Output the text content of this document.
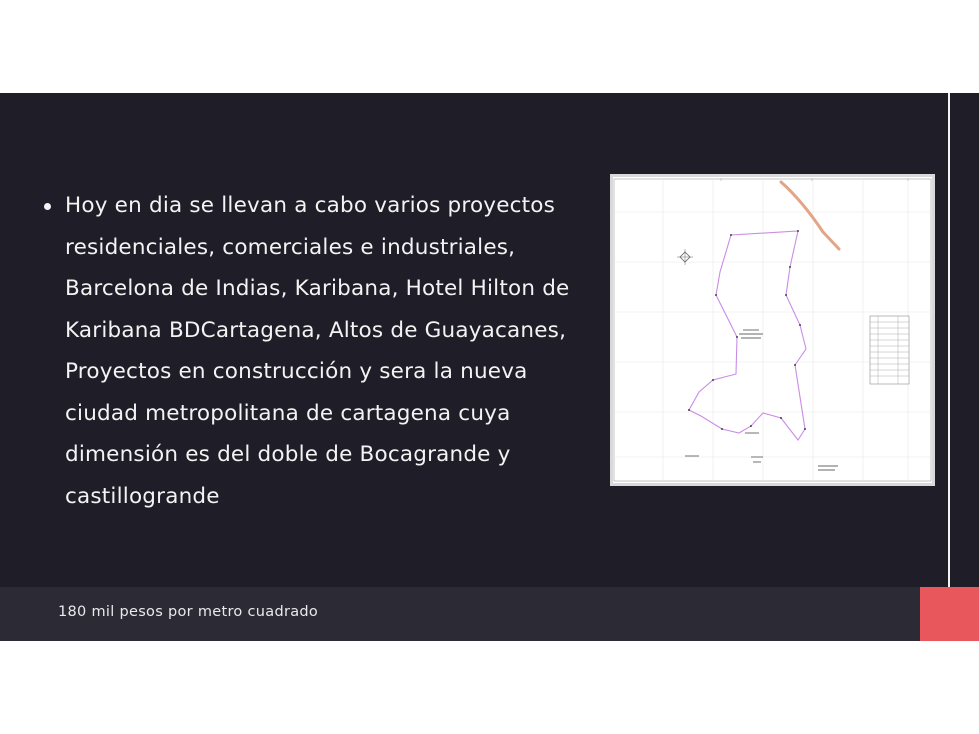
Hoy en dia se llevan a cabo varios proyectos residenciales, comerciales e industriales, Barcelona de Indias, Karibana, Hotel Hilton de Karibana BDCartagena, Altos de Guayacanes, Proyectos en construcción y sera la nueva ciudad metropolitana de cartagena cuya dimensión es del doble de Bocagrande y castillogrande
180 mil pesos por metro cuadrado
